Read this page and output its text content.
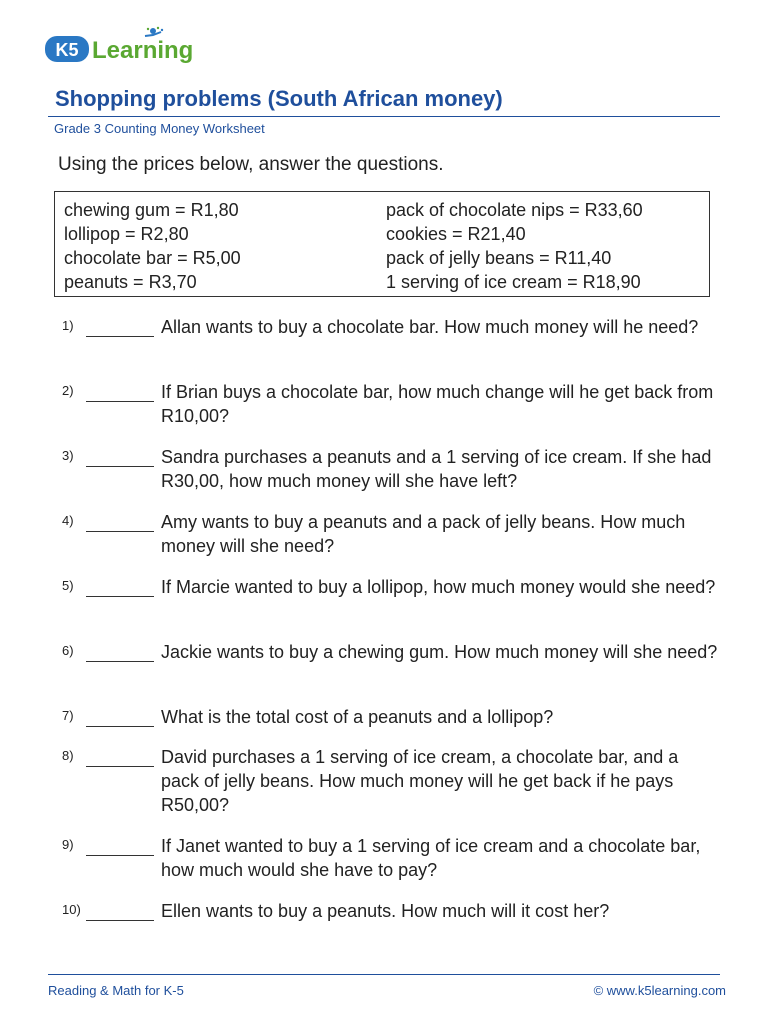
K5 Learning
Shopping problems (South African money)
Grade 3 Counting Money Worksheet
Using the prices below, answer the questions.
chewing gum = R1,80
lollipop = R2,80
chocolate bar = R5,00
peanuts = R3,70
pack of chocolate nips = R33,60
cookies = R21,40
pack of jelly beans = R11,40
1 serving of ice cream = R18,90
1)	Allan wants to buy a chocolate bar. How much money will he need?
2)	If Brian buys a chocolate bar, how much change will he get back from R10,00?
3)	Sandra purchases a peanuts and a 1 serving of ice cream. If she had R30,00, how much money will she have left?
4)	Amy wants to buy a peanuts and a pack of jelly beans. How much money will she need?
5)	If Marcie wanted to buy a lollipop, how much money would she need?
6)	Jackie wants to buy a chewing gum. How much money will she need?
7)	What is the total cost of a peanuts and a lollipop?
8)	David purchases a 1 serving of ice cream, a chocolate bar, and a pack of jelly beans. How much money will he get back if he pays R50,00?
9)	If Janet wanted to buy a 1 serving of ice cream and a chocolate bar, how much would she have to pay?
10)	Ellen wants to buy a peanuts. How much will it cost her?
Reading & Math for K-5	© www.k5learning.com
